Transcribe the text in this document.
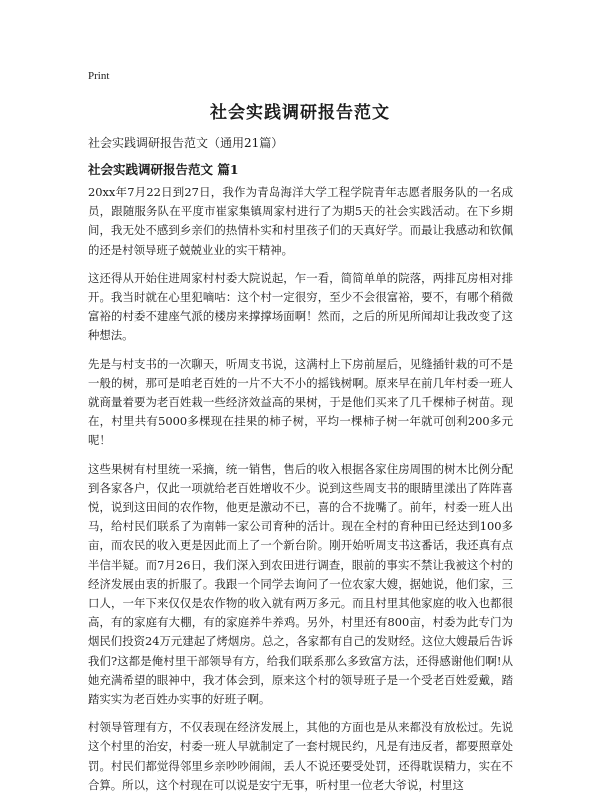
Print
社会实践调研报告范文
社会实践调研报告范文（通用21篇）
社会实践调研报告范文 篇1

20xx年7月22日到27日，我作为青岛海洋大学工程学院青年志愿者服务队的一名成员，跟随服务队在平度市崔家集镇周家村进行了为期5天的社会实践活动。在下乡期间，我无处不感到乡亲们的热情朴实和村里孩子们的天真好学。而最让我感动和钦佩的还是村领导班子兢兢业业的实干精神。

这还得从开始住进周家村村委大院说起，乍一看，简简单单的院落，两排瓦房相对排开。我当时就在心里犯嘀咕：这个村一定很穷，至少不会很富裕，要不，有哪个稍微富裕的村委不建座气派的楼房来撑撑场面啊！然而，之后的所见所闻却让我改变了这种想法。

先是与村支书的一次聊天，听周支书说，这满村上下房前屋后，见缝插针栽的可不是一般的树，那可是咱老百姓的一片不大不小的摇钱树啊。原来早在前几年村委一班人就商量着要为老百姓栽一些经济效益高的果树，于是他们买来了几千棵柿子树苗。现在，村里共有5000多棵现在挂果的柿子树，平均一棵柿子树一年就可创利200多元呢！

这些果树有村里统一采摘，统一销售，售后的收入根据各家住房周围的树木比例分配到各家各户，仅此一项就给老百姓增收不少。说到这些周支书的眼睛里漾出了阵阵喜悦，说到这田间的农作物，他更是激动不已，喜的合不拢嘴了。前年，村委一班人出马，给村民们联系了为南韩一家公司育种的活计。现在全村的育种田已经达到100多亩，而农民的收入更是因此而上了一个新台阶。刚开始听周支书这番话，我还真有点半信半疑。而7月26日，我们深入到农田进行调查，眼前的事实不禁让我被这个村的经济发展由衷的折服了。我跟一个同学去询问了一位农家大嫂，据她说，他们家，三口人，一年下来仅仅是农作物的收入就有两万多元。而且村里其他家庭的收入也都很高，有的家庭有大棚，有的家庭养牛养鸡。另外，村里还有800亩，村委为此专门为烟民们投资24万元建起了烤烟房。总之，各家都有自己的发财经。这位大嫂最后告诉我们?这都是俺村里干部领导有方，给我们联系那么多致富方法，还得感谢他们啊!从她充满希望的眼神中，我才体会到，原来这个村的领导班子是一个受老百姓爱戴，踏踏实实为老百姓办实事的好班子啊。

村领导管理有方，不仅表现在经济发展上，其他的方面也是从来都没有放松过。先说这个村里的治安，村委一班人早就制定了一套村规民约，凡是有违反者，都要照章处罚。村民们都觉得邻里乡亲吵吵闹闹，丢人不说还要受处罚，还得耽误精力，实在不合算。所以，这个村现在可以说是安宁无事，听村里一位老大爷说，村里这
